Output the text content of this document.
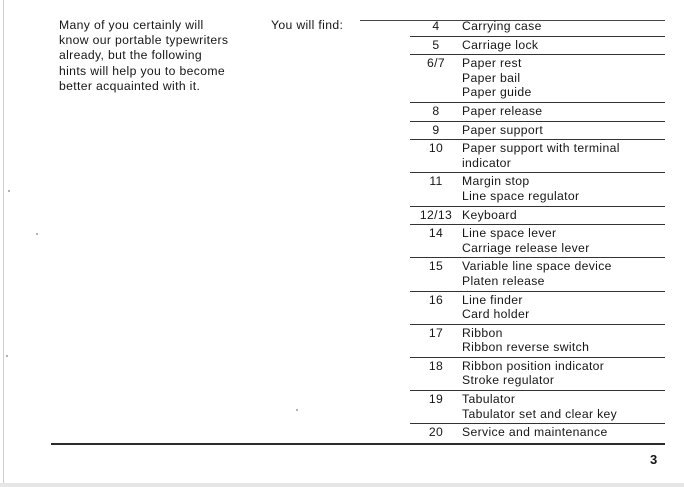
Many of you certainly will
know our portable typewriters
already, but the following
hints will help you to become
better acquainted with it.
You will find:	4	Carrying case
5	Carriage lock
6/7	Paper rest
Paper bail
Paper guide
8	Paper release
9	Paper support
10	Paper support with terminal
indicator
11	Margin stop
Line space regulator
12/13 Keyboard
14	Line space lever
Carriage release lever
15	Variable line space device
Platen release
16	Line finder
Card holder
17	Ribbon
Ribbon reverse switch
18	Ribbon position indicator
Stroke regulator
19	Tabulator
Tabulator set and clear key
20	Service and maintenance
3
